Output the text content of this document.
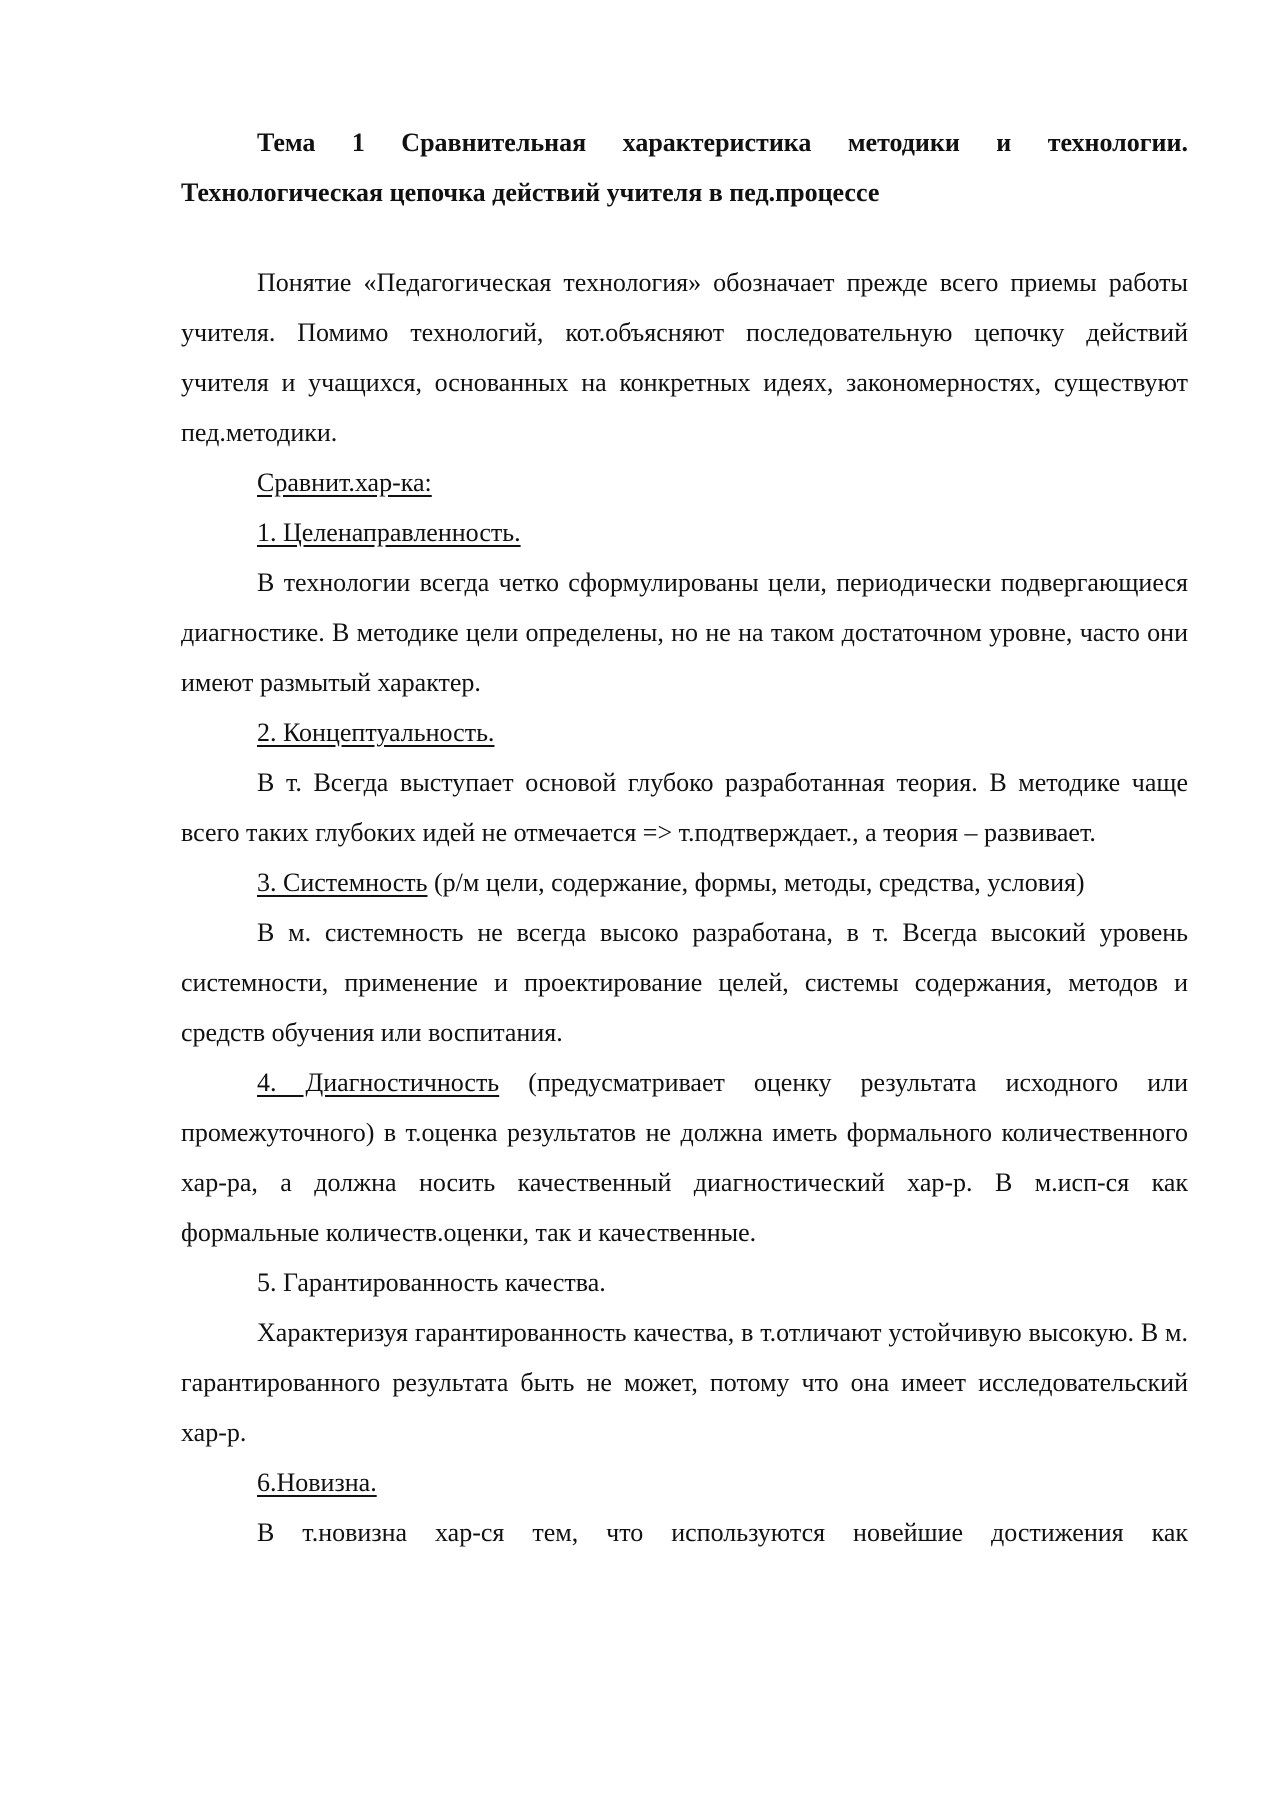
Тема 1 Сравнительная характеристика методики и технологии. Технологическая цепочка действий учителя в пед.процессе

Понятие «Педагогическая технология» обозначает прежде всего приемы работы учителя. Помимо технологий, кот.объясняют последовательную цепочку действий учителя и учащихся, основанных на конкретных идеях, закономерностях, существуют пед.методики.

Сравнит.хар-ка:

1. Целенаправленность.

В технологии всегда четко сформулированы цели, периодически подвергающиеся диагностике. В методике цели определены, но не на таком достаточном уровне, часто они имеют размытый характер.

2. Концептуальность.

В т. Всегда выступает основой глубоко разработанная теория. В методике чаще всего таких глубоких идей не отмечается => т.подтверждает., а теория – развивает.

3. Системность (р/м цели, содержание, формы, методы, средства, условия)

В м. системность не всегда высоко разработана, в т. Всегда высокий уровень системности, применение и проектирование целей, системы содержания, методов и средств обучения или воспитания.

4. Диагностичность (предусматривает оценку результата исходного или промежуточного) в т.оценка результатов не должна иметь формального количественного хар-ра, а должна носить качественный диагностический хар-р. В м.исп-ся как формальные количеств.оценки, так и качественные.

5. Гарантированность качества.

Характеризуя гарантированность качества, в т.отличают устойчивую высокую. В м. гарантированного результата быть не может, потому что она имеет исследовательский хар-р.

6.Новизна.

В т.новизна хар-ся тем, что используются новейшие достижения как
